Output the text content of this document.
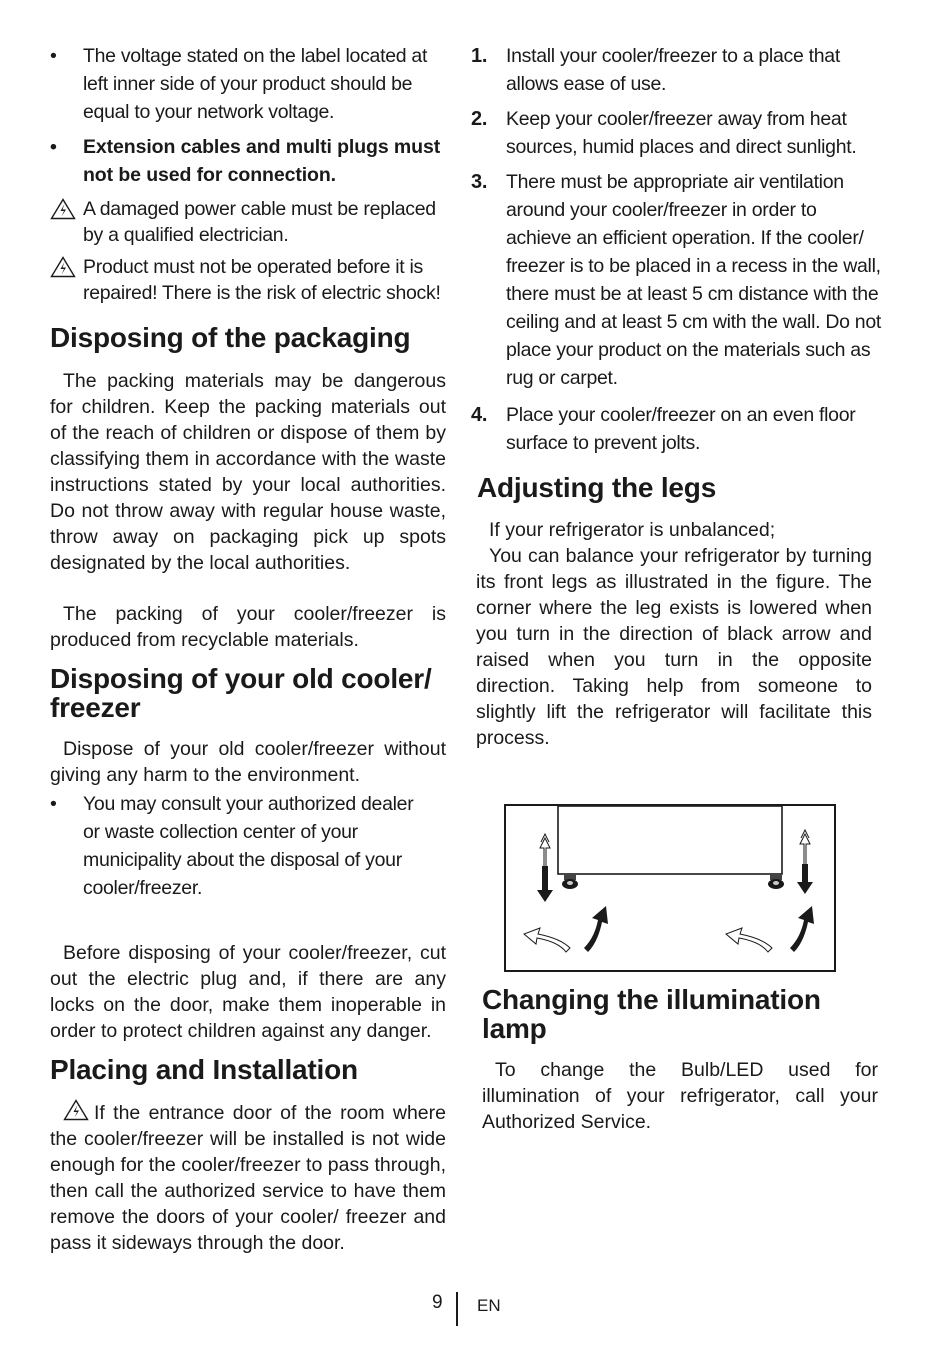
• The voltage stated on the label located at left inner side of your product should be equal to your network voltage.
• Extension cables and multi plugs must not be used for connection.
A damaged power cable must be replaced by a qualified electrician.
Product must not be operated before it is repaired! There is the risk of electric shock!
Disposing of the packaging

The packing materials may be dangerous for children. Keep the packing materials out of the reach of children or dispose of them by classifying them in accordance with the waste instructions stated by your local authorities. Do not throw away with regular house waste, throw away on packaging pick up spots designated by the local authorities.

The packing of your cooler/freezer is produced from recyclable materials.

Disposing of your old cooler/ freezer

Dispose of your old cooler/freezer without giving any harm to the environment.

• You may consult your authorized dealer or waste collection center of your municipality about the disposal of your cooler/freezer.

Before disposing of your cooler/freezer, cut out the electric plug and, if there are any locks on the door, make them inoperable in order to protect children against any danger.

Placing and Installation

If the entrance door of the room where the cooler/freezer will be installed is not wide enough for the cooler/freezer to pass through, then call the authorized service to have them remove the doors of your cooler/ freezer and pass it sideways through the door.

1. Install your cooler/freezer to a place that allows ease of use.
2. Keep your cooler/freezer away from heat sources, humid places and direct sunlight.
3. There must be appropriate air ventilation around your cooler/freezer in order to achieve an efficient operation. If the cooler/ freezer is to be placed in a recess in the wall, there must be at least 5 cm distance with the ceiling and at least 5 cm with the wall. Do not place your product on the materials such as rug or carpet.
4. Place your cooler/freezer on an even floor surface to prevent jolts.
Adjusting the legs

If your refrigerator is unbalanced;

You can balance your refrigerator by turning its front legs as illustrated in the figure. The corner where the leg exists is lowered when you turn in the direction of black arrow and raised when you turn in the opposite direction. Taking help from someone to slightly lift the refrigerator will facilitate this process.

Changing the illumination lamp

To change the Bulb/LED used for illumination of your refrigerator, call your Authorized Service.

9 EN
